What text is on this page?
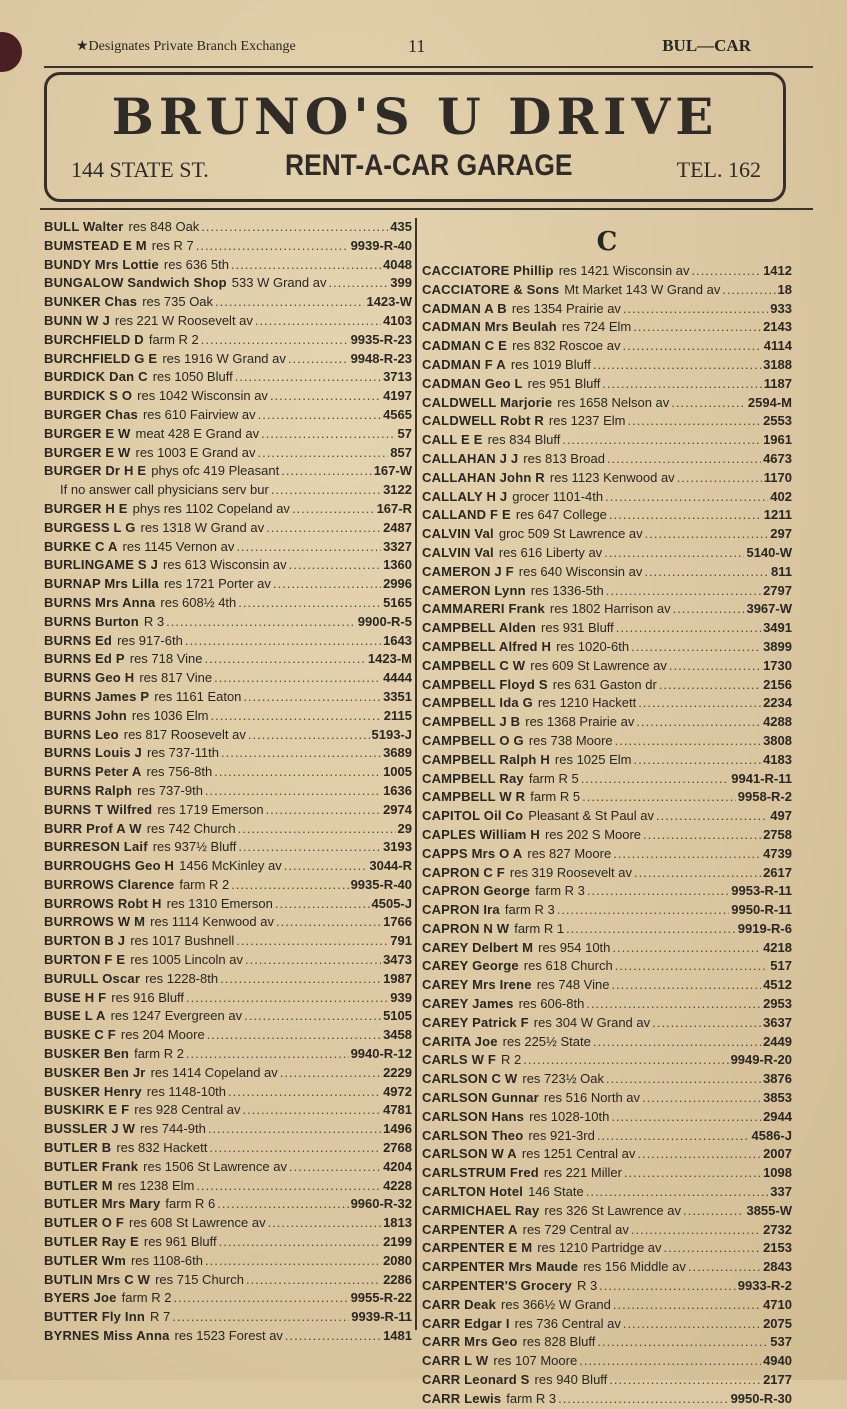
★Designates Private Branch Exchange	11	BUL—CAR
BRUNO'S U DRIVE
144 STATE ST.	RENT-A-CAR GARAGE	TEL. 162
BULL Walter res 848 Oak .....	435
BUMSTEAD E M res R 7 .....	9939-R-40
BUNDY Mrs Lottie res 636 5th .....	4048
BUNGALOW Sandwich Shop 533 W Grand av .....	399
BUNKER Chas res 735 Oak .....	1423-W
BUNN W J res 221 W Roosevelt av .....	4103
BURCHFIELD D farm R 2 .....	9935-R-23
BURCHFIELD G E res 1916 W Grand av .....	9948-R-23
BURDICK Dan C res 1050 Bluff .....	3713
BURDICK S O res 1042 Wisconsin av .....	4197
BURGER Chas res 610 Fairview av .....	4565
BURGER E W meat 428 E Grand av .....	57
BURGER E W res 1003 E Grand av .....	857
BURGER Dr H E phys ofc 419 Pleasant .....	167-W
If no answer call physicians serv bur .....	3122
BURGER H E phys res 1102 Copeland av .....	167-R
BURGESS L G res 1318 W Grand av .....	2487
BURKE C A res 1145 Vernon av .....	3327
BURLINGAME S J res 613 Wisconsin av .....	1360
BURNAP Mrs Lilla res 1721 Porter av .....	2996
BURNS Mrs Anna res 608½ 4th .....	5165
BURNS Burton R 3 .....	9900-R-5
BURNS Ed res 917-6th .....	1643
BURNS Ed P res 718 Vine .....	1423-M
BURNS Geo H res 817 Vine .....	4444
BURNS James P res 1161 Eaton .....	3351
BURNS John res 1036 Elm .....	2115
BURNS Leo res 817 Roosevelt av .....	5193-J
BURNS Louis J res 737-11th .....	3689
BURNS Peter A res 756-8th .....	1005
BURNS Ralph res 737-9th .....	1636
BURNS T Wilfred res 1719 Emerson .....	2974
BURR Prof A W res 742 Church .....	29
BURRESON Laif res 937½ Bluff .....	3193
BURROUGHS Geo H 1456 McKinley av .....	3044-R
BURROWS Clarence farm R 2 .....	9935-R-40
BURROWS Robt H res 1310 Emerson .....	4505-J
BURROWS W M res 1114 Kenwood av .....	1766
BURTON B J res 1017 Bushnell .....	791
BURTON F E res 1005 Lincoln av .....	3473
BURULL Oscar res 1228-8th .....	1987
BUSE H F res 916 Bluff .....	939
BUSE L A res 1247 Evergreen av .....	5105
BUSKE C F res 204 Moore .....	3458
BUSKER Ben farm R 2 .....	9940-R-12
BUSKER Ben Jr res 1414 Copeland av .....	2229
BUSKER Henry res 1148-10th .....	4972
BUSKIRK E F res 928 Central av .....	4781
BUSSLER J W res 744-9th .....	1496
BUTLER B res 832 Hackett .....	2768
BUTLER Frank res 1506 St Lawrence av .....	4204
BUTLER M res 1238 Elm .....	4228
BUTLER Mrs Mary farm R 6 .....	9960-R-32
BUTLER O F res 608 St Lawrence av .....	1813
BUTLER Ray E res 961 Bluff .....	2199
BUTLER Wm res 1108-6th .....	2080
BUTLIN Mrs C W res 715 Church .....	2286
BYERS Joe farm R 2 .....	9955-R-22
BUTTER Fly Inn R 7 .....	9939-R-11
BYRNES Miss Anna res 1523 Forest av .....	1481
C
CACCIATORE Phillip res 1421 Wisconsin av .....	1412
CACCIATORE & Sons Mt Market 143 W Grand av .....	18
CADMAN A B res 1354 Prairie av .....	933
CADMAN Mrs Beulah res 724 Elm .....	2143
CADMAN C E res 832 Roscoe av .....	4114
CADMAN F A res 1019 Bluff .....	3188
CADMAN Geo L res 951 Bluff .....	1187
CALDWELL Marjorie res 1658 Nelson av .....	2594-M
CALDWELL Robt R res 1237 Elm .....	2553
CALL E E res 834 Bluff .....	1961
CALLAHAN J J res 813 Broad .....	4673
CALLAHAN John R res 1123 Kenwood av .....	1170
CALLALY H J grocer 1101-4th .....	402
CALLAND F E res 647 College .....	1211
CALVIN Val groc 509 St Lawrence av .....	297
CALVIN Val res 616 Liberty av .....	5140-W
CAMERON J F res 640 Wisconsin av .....	811
CAMERON Lynn res 1336-5th .....	2797
CAMMARERI Frank res 1802 Harrison av .....	3967-W
CAMPBELL Alden res 931 Bluff .....	3491
CAMPBELL Alfred H res 1020-6th .....	3899
CAMPBELL C W res 609 St Lawrence av .....	1730
CAMPBELL Floyd S res 631 Gaston dr .....	2156
CAMPBELL Ida G res 1210 Hackett .....	2234
CAMPBELL J B res 1368 Prairie av .....	4288
CAMPBELL O G res 738 Moore .....	3808
CAMPBELL Ralph H res 1025 Elm .....	4183
CAMPBELL Ray farm R 5 .....	9941-R-11
CAMPBELL W R farm R 5 .....	9958-R-2
CAPITOL Oil Co Pleasant & St Paul av .....	497
CAPLES William H res 202 S Moore .....	2758
CAPPS Mrs O A res 827 Moore .....	4739
CAPRON C F res 319 Roosevelt av .....	2617
CAPRON George farm R 3 .....	9953-R-11
CAPRON Ira farm R 3 .....	9950-R-11
CAPRON N W farm R 1 .....	9919-R-6
CAREY Delbert M res 954 10th .....	4218
CAREY George res 618 Church .....	517
CAREY Mrs Irene res 748 Vine .....	4512
CAREY James res 606-8th .....	2953
CAREY Patrick F res 304 W Grand av .....	3637
CARITA Joe res 225½ State .....	2449
CARLS W F R 2 .....	9949-R-20
CARLSON C W res 723½ Oak .....	3876
CARLSON Gunnar res 516 North av .....	3853
CARLSON Hans res 1028-10th .....	2944
CARLSON Theo res 921-3rd .....	4586-J
CARLSON W A res 1251 Central av .....	2007
CARLSTRUM Fred res 221 Miller .....	1098
CARLTON Hotel 146 State .....	337
CARMICHAEL Ray res 326 St Lawrence av .....	3855-W
CARPENTER A res 729 Central av .....	2732
CARPENTER E M res 1210 Partridge av .....	2153
CARPENTER Mrs Maude res 156 Middle av .....	2843
CARPENTER'S Grocery R 3 .....	9933-R-2
CARR Deak res 366½ W Grand .....	4710
CARR Edgar I res 736 Central av .....	2075
CARR Mrs Geo res 828 Bluff .....	537
CARR L W res 107 Moore .....	4940
CARR Leonard S res 940 Bluff .....	2177
CARR Lewis farm R 3 .....	9950-R-30
